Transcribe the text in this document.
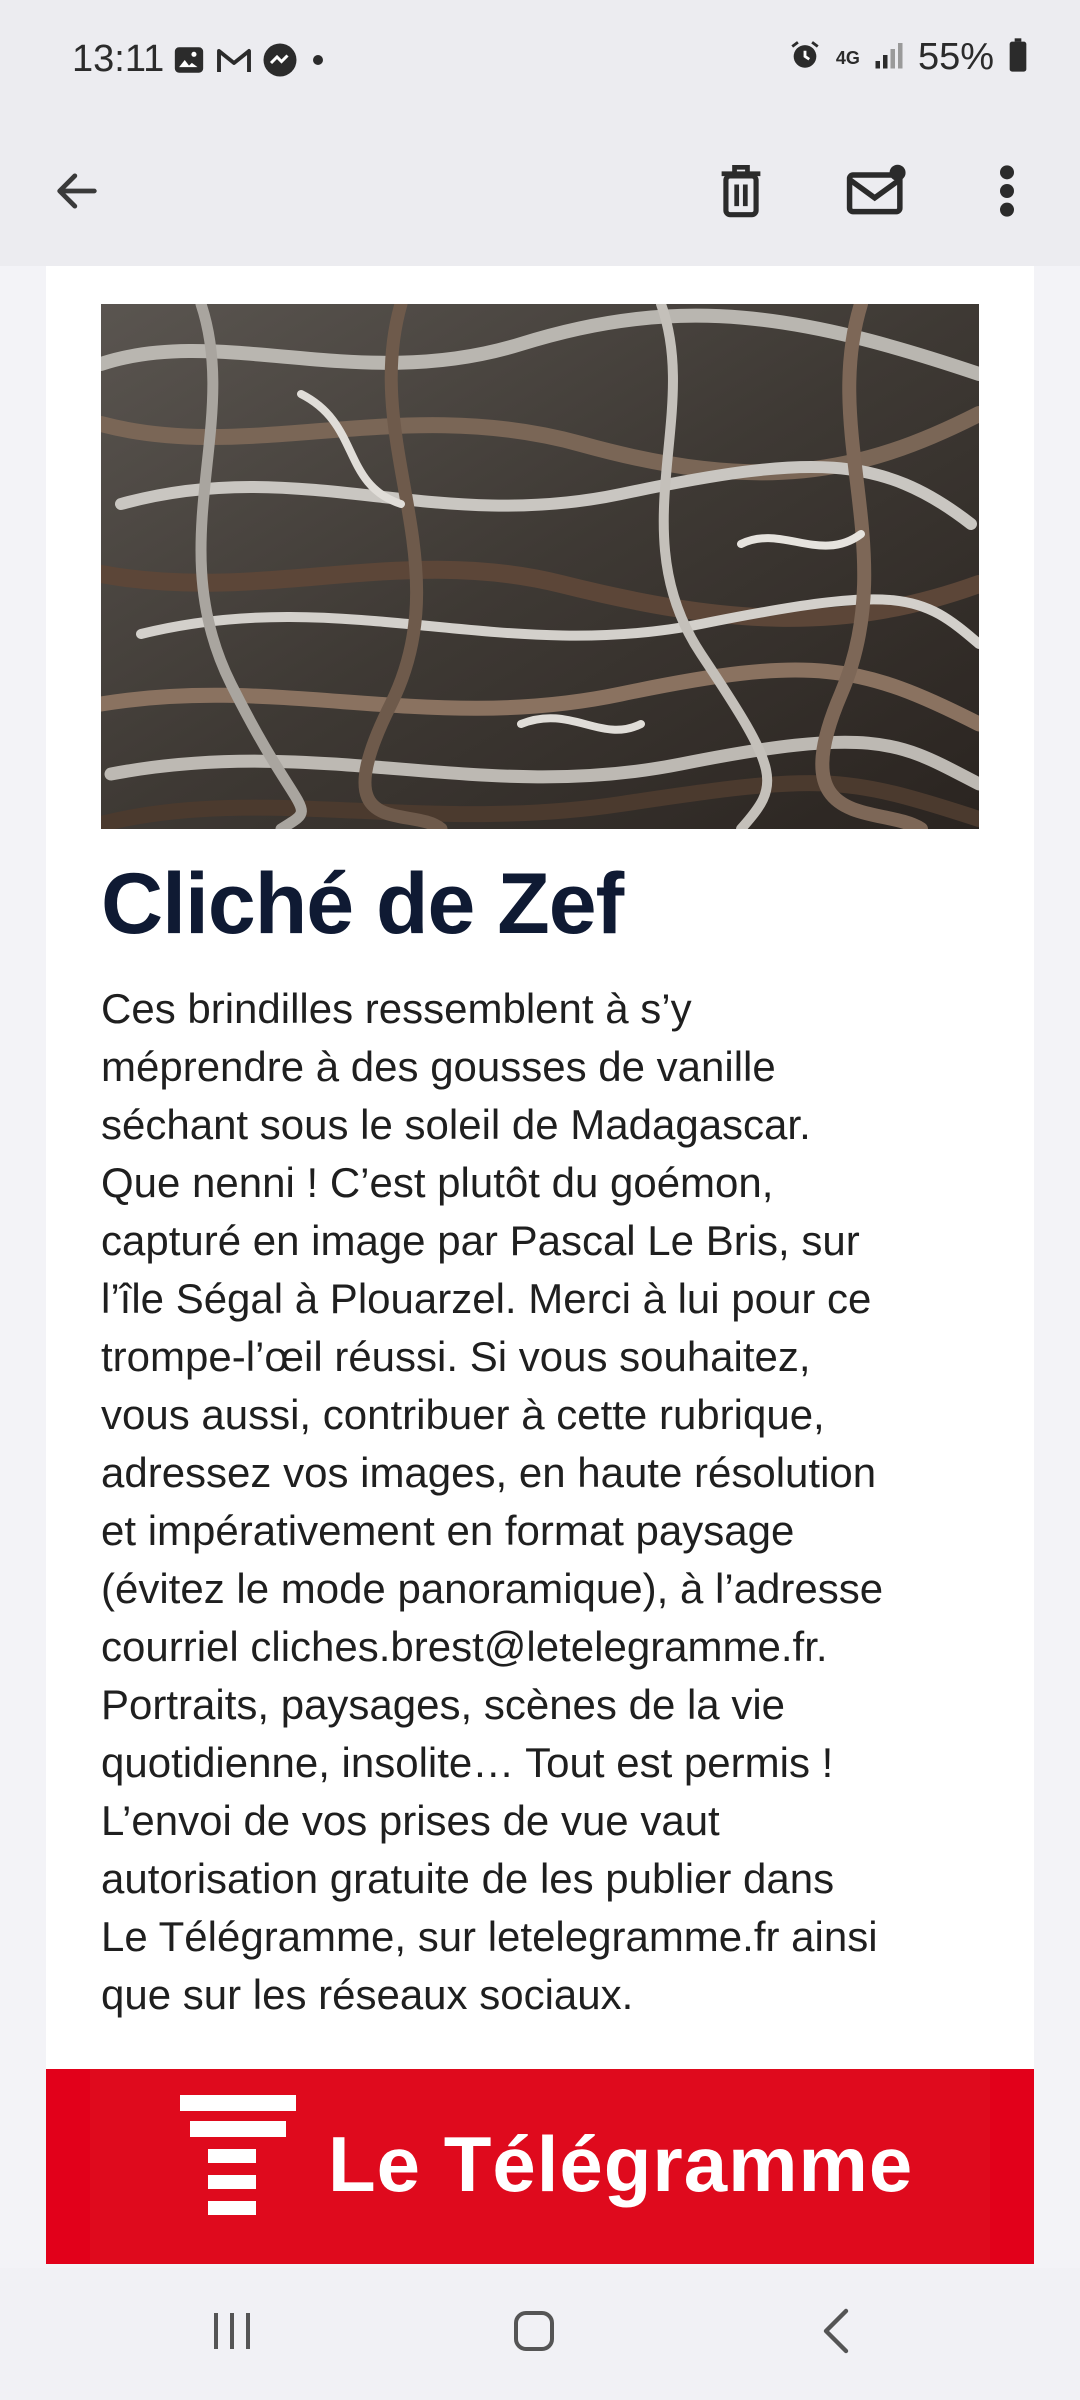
13:11	4G 55%
Cliché de Zef
Ces brindilles ressemblent à s’y
méprendre à des gousses de vanille
séchant sous le soleil de Madagascar.
Que nenni ! C’est plutôt du goémon,
capturé en image par Pascal Le Bris, sur
l’île Ségal à Plouarzel. Merci à lui pour ce
trompe-l’œil réussi. Si vous souhaitez,
vous aussi, contribuer à cette rubrique,
adressez vos images, en haute résolution
et impérativement en format paysage
(évitez le mode panoramique), à l’adresse
courriel cliches.brest@letelegramme.fr.
Portraits, paysages, scènes de la vie
quotidienne, insolite… Tout est permis !
L’envoi de vos prises de vue vaut
autorisation gratuite de les publier dans
Le Télégramme, sur letelegramme.fr ainsi
que sur les réseaux sociaux.
Le Télégramme
